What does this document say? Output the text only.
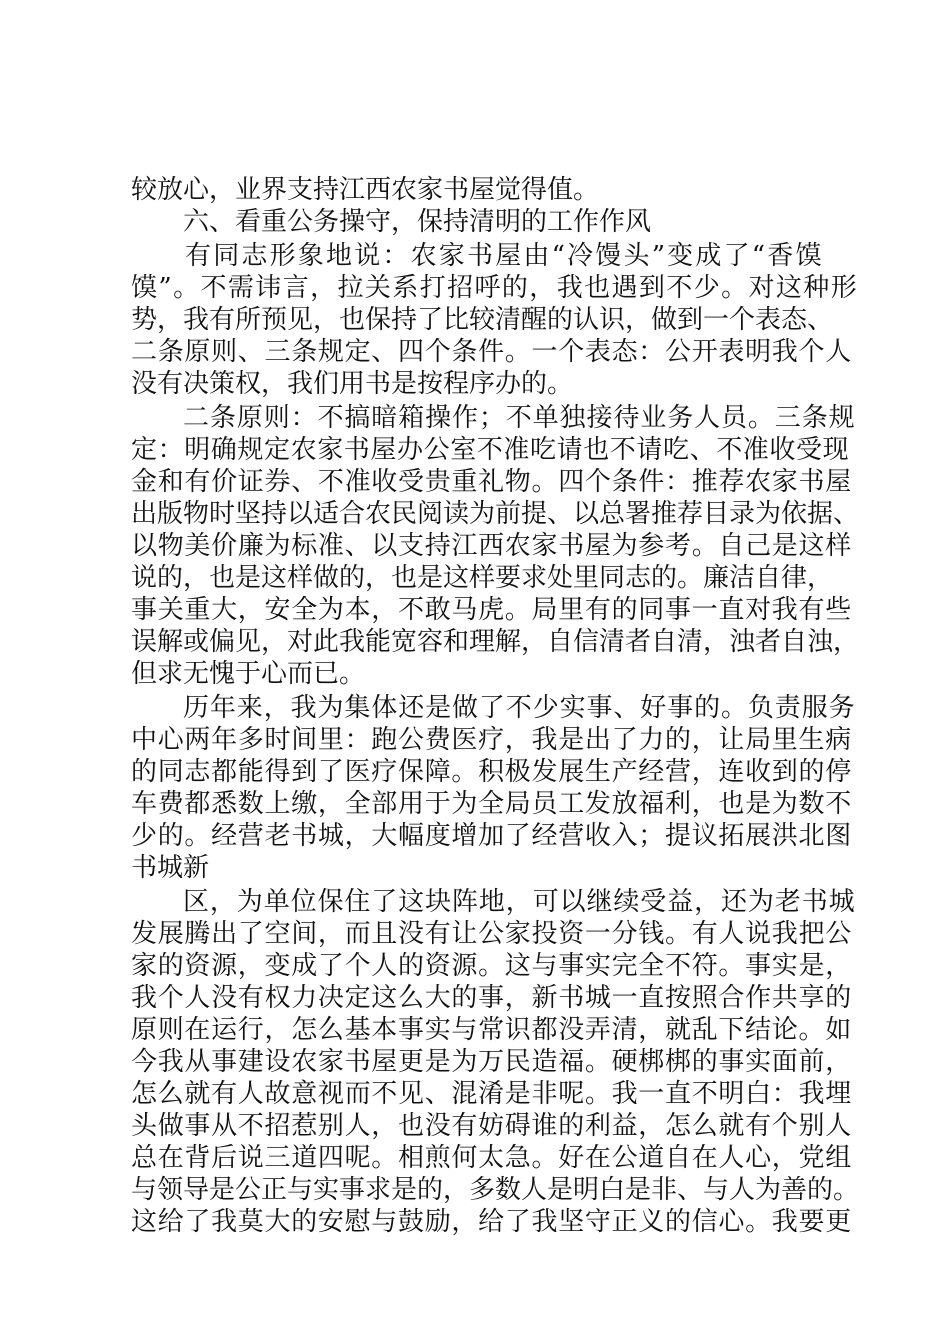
较放心，业界支持江西农家书屋觉得值。
六、看重公务操守，保持清明的工作作风
有同志形象地说：农家书屋由“冷馒头”变成了“香馍
馍”。不需讳言，拉关系打招呼的，我也遇到不少。对这种形
势，我有所预见，也保持了比较清醒的认识，做到一个表态、
二条原则、三条规定、四个条件。一个表态：公开表明我个人
没有决策权，我们用书是按程序办的。
二条原则：不搞暗箱操作；不单独接待业务人员。三条规
定：明确规定农家书屋办公室不准吃请也不请吃、不准收受现
金和有价证券、不准收受贵重礼物。四个条件：推荐农家书屋
出版物时坚持以适合农民阅读为前提、以总署推荐目录为依据、
以物美价廉为标准、以支持江西农家书屋为参考。自己是这样
说的，也是这样做的，也是这样要求处里同志的。廉洁自律，
事关重大，安全为本，不敢马虎。局里有的同事一直对我有些
误解或偏见，对此我能宽容和理解，自信清者自清，浊者自浊，
但求无愧于心而已。
历年来，我为集体还是做了不少实事、好事的。负责服务
中心两年多时间里：跑公费医疗，我是出了力的，让局里生病
的同志都能得到了医疗保障。积极发展生产经营，连收到的停
车费都悉数上缴，全部用于为全局员工发放福利，也是为数不
少的。经营老书城，大幅度增加了经营收入；提议拓展洪北图
书城新
区，为单位保住了这块阵地，可以继续受益，还为老书城
发展腾出了空间，而且没有让公家投资一分钱。有人说我把公
家的资源，变成了个人的资源。这与事实完全不符。事实是，
我个人没有权力决定这么大的事，新书城一直按照合作共享的
原则在运行，怎么基本事实与常识都没弄清，就乱下结论。如
今我从事建设农家书屋更是为万民造福。硬梆梆的事实面前，
怎么就有人故意视而不见、混淆是非呢。我一直不明白：我埋
头做事从不招惹别人，也没有妨碍谁的利益，怎么就有个别人
总在背后说三道四呢。相煎何太急。好在公道自在人心，党组
与领导是公正与实事求是的，多数人是明白是非、与人为善的。
这给了我莫大的安慰与鼓励，给了我坚守正义的信心。我要更
